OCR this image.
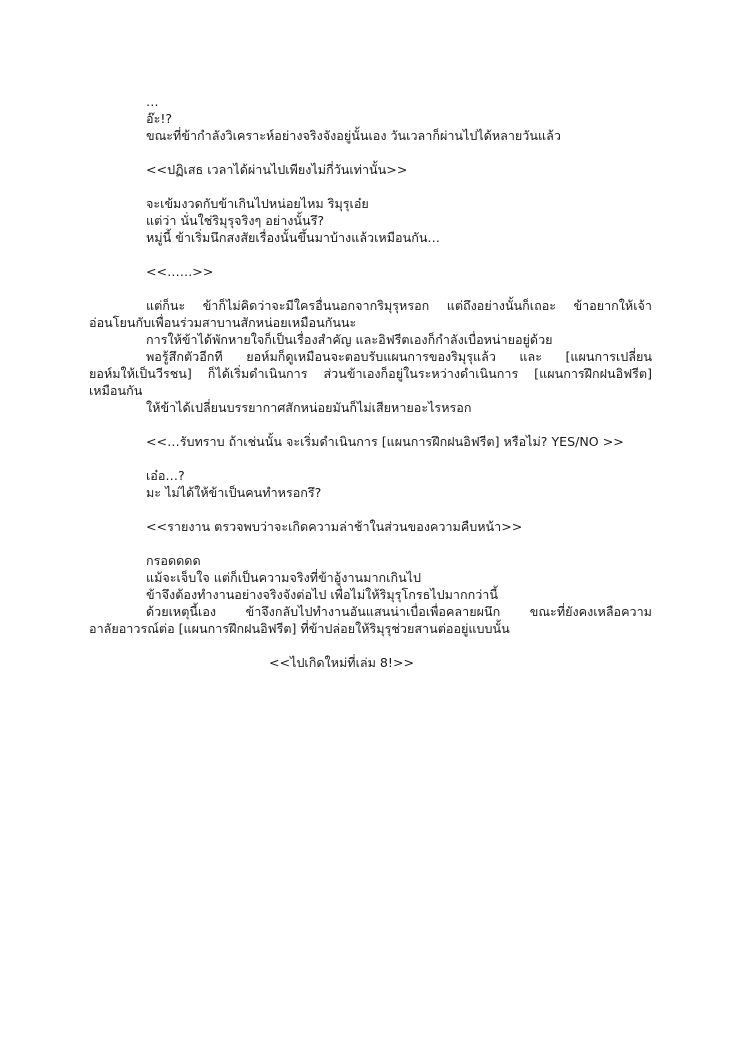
…
อ๊ะ!?
ขณะที่ข้ากำลังวิเคราะห์อย่างจริงจังอยู่นั้นเอง วันเวลาก็ผ่านไปได้หลายวันแล้ว
<<ปฏิเสธ เวลาได้ผ่านไปเพียงไม่กี่วันเท่านั้น>>
จะเข้มงวดกับข้าเกินไปหน่อยไหม ริมุรุเอ๋ย
แต่ว่า นั่นใช่ริมุรุจริงๆ อย่างนั้นรึ?
หมู่นี้ ข้าเริ่มนึกสงสัยเรื่องนั้นขึ้นมาบ้างแล้วเหมือนกัน…
<<……>>
แต่ก็นะ ข้าก็ไม่คิดว่าจะมีใครอื่นนอกจากริมุรุหรอก แต่ถึงอย่างนั้นก็เถอะ ข้าอยากให้เจ้า
อ่อนโยนกับเพื่อนร่วมสาบานสักหน่อยเหมือนกันนะ
การให้ข้าได้พักหายใจก็เป็นเรื่องสำคัญ และอิฟรีตเองก็กำลังเบื่อหน่ายอยู่ด้วย
พอรู้สึกตัวอีกที ยอห์มก็ดูเหมือนจะตอบรับแผนการของริมุรุแล้ว และ [แผนการเปลี่ยน
ยอห์มให้เป็นวีรชน] ก็ได้เริ่มดำเนินการ ส่วนข้าเองก็อยู่ในระหว่างดำเนินการ [แผนการฝึกฝนอิฟรีต]
เหมือนกัน
ให้ข้าได้เปลี่ยนบรรยากาศสักหน่อยมันก็ไม่เสียหายอะไรหรอก
<<…รับทราบ ถ้าเช่นนั้น จะเริ่มดำเนินการ [แผนการฝึกฝนอิฟรีต] หรือไม่? YES/NO >>
เอ๋อ…?
มะ ไม่ได้ให้ข้าเป็นคนทำหรอกรึ?
<<รายงาน ตรวจพบว่าจะเกิดความล่าช้าในส่วนของความคืบหน้า>>
กรอดดดด
แม้จะเจ็บใจ แต่ก็เป็นความจริงที่ข้าอู้งานมากเกินไป
ข้าจึงต้องทำงานอย่างจริงจังต่อไป เพื่อไม่ให้ริมุรุโกรธไปมากกว่านี้
ด้วยเหตุนี้เอง ข้าจึงกลับไปทำงานอันแสนน่าเบื่อเพื่อคลายผนึก ขณะที่ยังคงเหลือความ
อาลัยอาวรณ์ต่อ [แผนการฝึกฝนอิฟรีต] ที่ข้าปล่อยให้ริมุรุช่วยสานต่ออยู่แบบนั้น
<<ไปเกิดใหม่ที่เล่ม 8!>>
